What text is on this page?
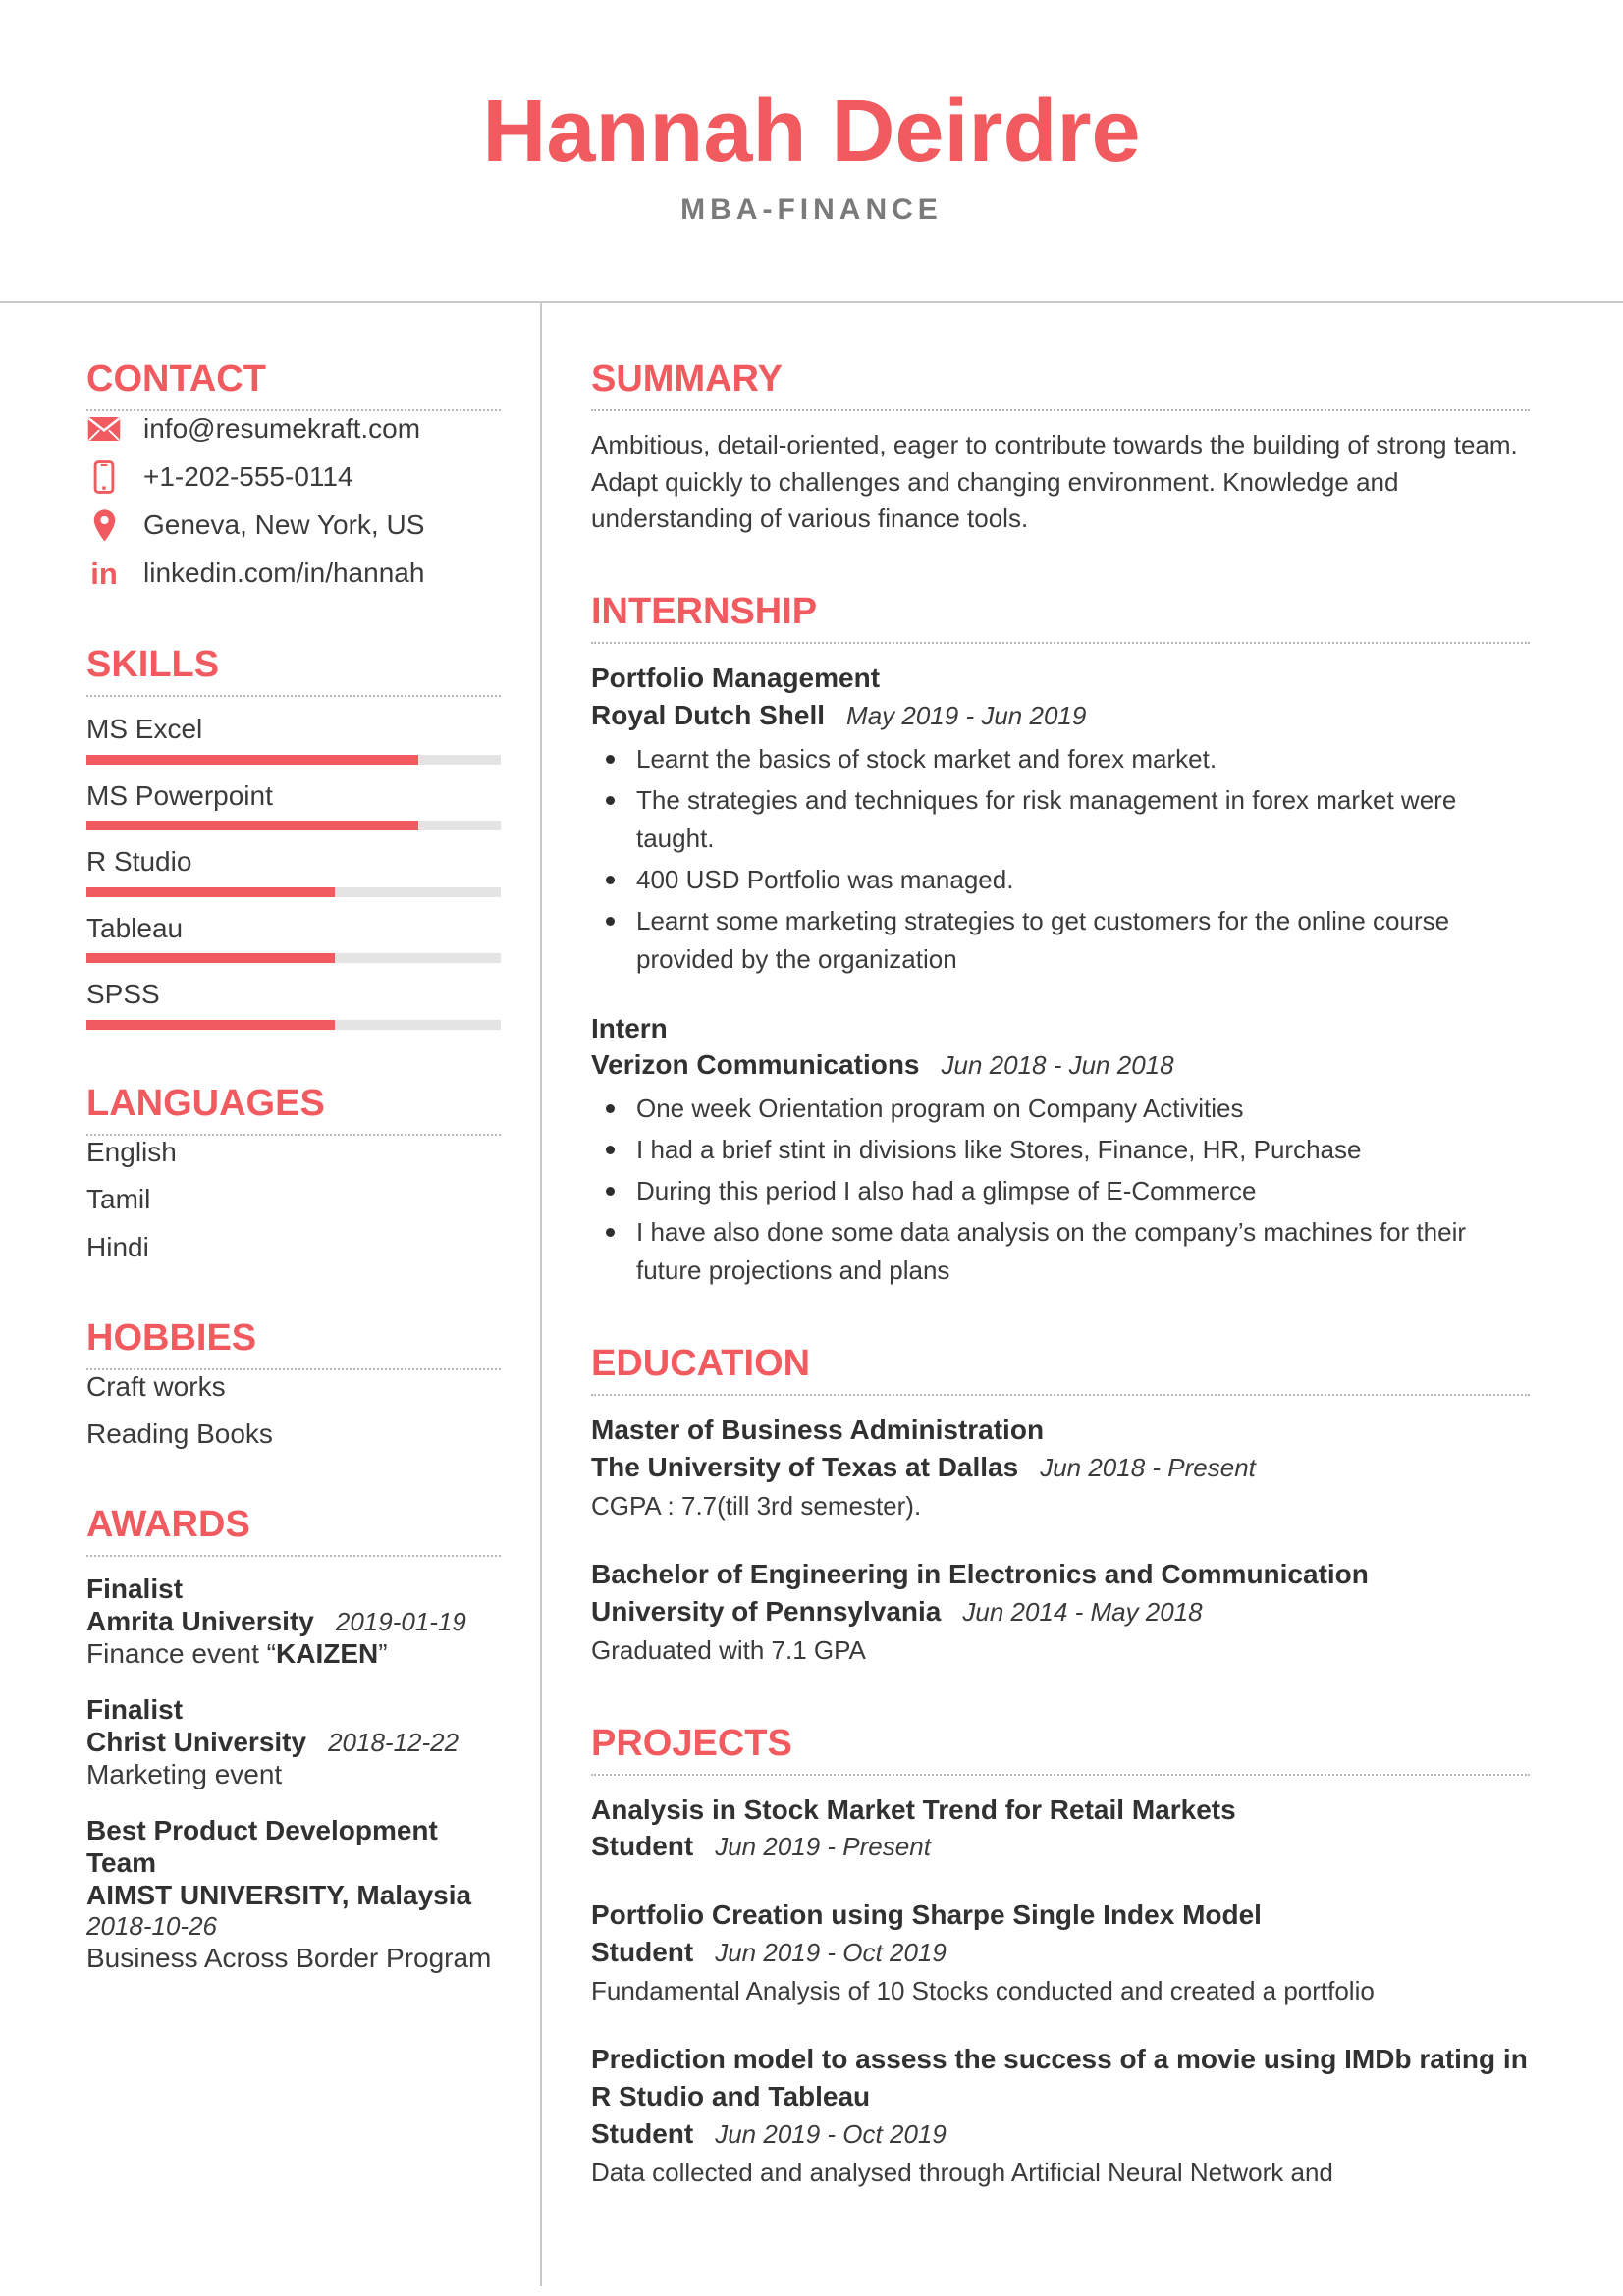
Hannah Deirdre
MBA-FINANCE
CONTACT
info@resumekraft.com
+1-202-555-0114
Geneva, New York, US
in linkedin.com/in/hannah
SKILLS
MS Excel
MS Powerpoint
R Studio
Tableau
SPSS
LANGUAGES
English
Tamil
Hindi
HOBBIES
Craft works
Reading Books
AWARDS
Finalist
Amrita University 2019-01-19
Finance event “KAIZEN”
Finalist
Christ University 2018-12-22
Marketing event
Best Product Development Team
AIMST UNIVERSITY, Malaysia
2018-10-26
Business Across Border Program
SUMMARY

Ambitious, detail-oriented, eager to contribute towards the building of strong team. Adapt quickly to challenges and changing environment. Knowledge and understanding of various finance tools.

INTERNSHIP
Portfolio Management
Royal Dutch Shell May 2019 - Jun 2019
Learnt the basics of stock market and forex market.
The strategies and techniques for risk management in forex market were taught.
400 USD Portfolio was managed.
Learnt some marketing strategies to get customers for the online course provided by the organization
Intern
Verizon Communications Jun 2018 - Jun 2018
One week Orientation program on Company Activities
I had a brief stint in divisions like Stores, Finance, HR, Purchase
During this period I also had a glimpse of E-Commerce
I have also done some data analysis on the company’s machines for their future projections and plans
EDUCATION
Master of Business Administration
The University of Texas at Dallas Jun 2018 - Present
CGPA : 7.7(till 3rd semester).
Bachelor of Engineering in Electronics and Communication
University of Pennsylvania Jun 2014 - May 2018
Graduated with 7.1 GPA
PROJECTS
Analysis in Stock Market Trend for Retail Markets
Student Jun 2019 - Present
Portfolio Creation using Sharpe Single Index Model
Student Jun 2019 - Oct 2019
Fundamental Analysis of 10 Stocks conducted and created a portfolio
Prediction model to assess the success of a movie using IMDb rating in R Studio and Tableau
Student Jun 2019 - Oct 2019
Data collected and analysed through Artificial Neural Network and
